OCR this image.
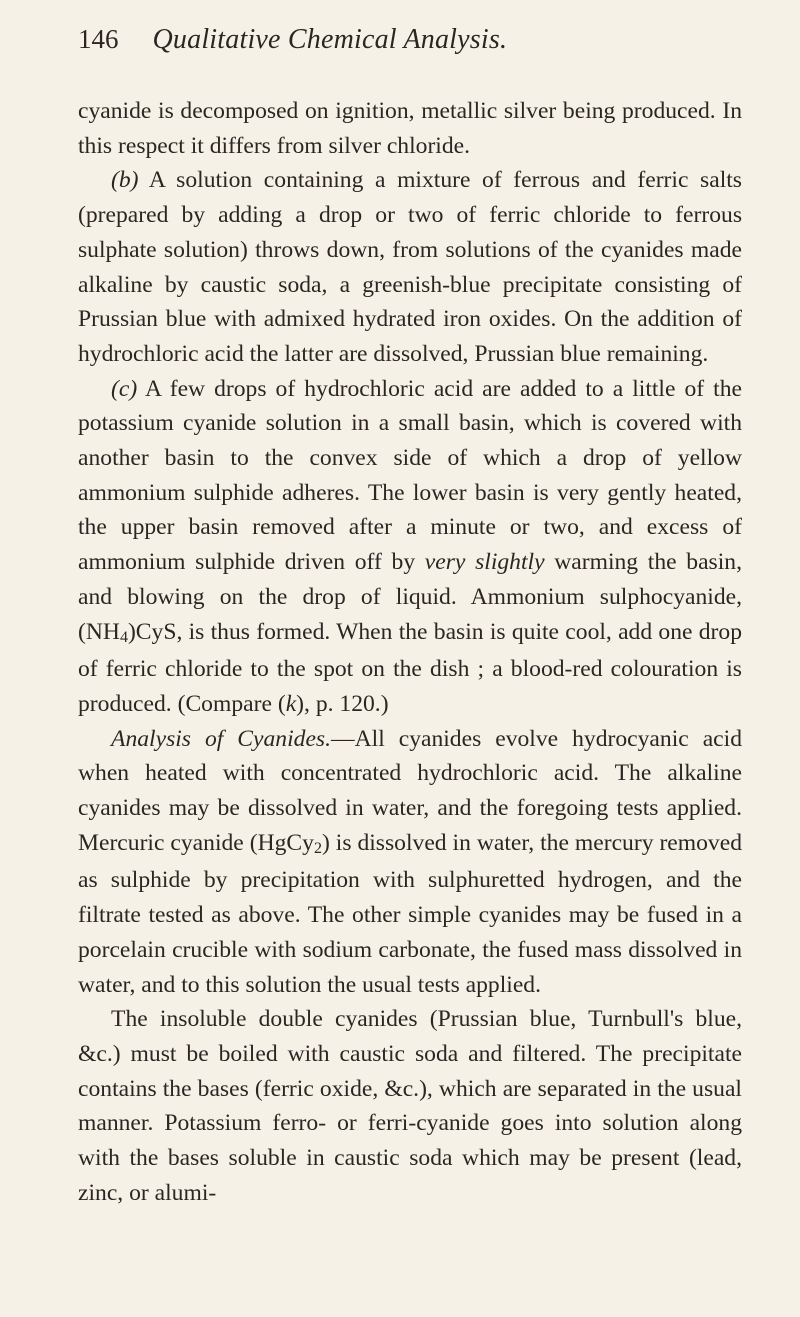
146 Qualitative Chemical Analysis.

cyanide is decomposed on ignition, metallic silver being produced. In this respect it differs from silver chloride.

(b) A solution containing a mixture of ferrous and ferric salts (prepared by adding a drop or two of ferric chloride to ferrous sulphate solution) throws down, from solutions of the cyanides made alkaline by caustic soda, a greenish-blue precipitate consisting of Prussian blue with admixed hydrated iron oxides. On the addition of hydrochloric acid the latter are dissolved, Prussian blue remaining.

(c) A few drops of hydrochloric acid are added to a little of the potassium cyanide solution in a small basin, which is covered with another basin to the convex side of which a drop of yellow ammonium sulphide adheres. The lower basin is very gently heated, the upper basin removed after a minute or two, and excess of ammonium sulphide driven off by very slightly warming the basin, and blowing on the drop of liquid. Ammonium sulphocyanide, (NH4)CyS, is thus formed. When the basin is quite cool, add one drop of ferric chloride to the spot on the dish ; a blood-red colouration is produced. (Compare (k), p. 120.)

Analysis of Cyanides.—All cyanides evolve hydrocyanic acid when heated with concentrated hydrochloric acid. The alkaline cyanides may be dissolved in water, and the foregoing tests applied. Mercuric cyanide (HgCy2) is dissolved in water, the mercury removed as sulphide by precipitation with sulphuretted hydrogen, and the filtrate tested as above. The other simple cyanides may be fused in a porcelain crucible with sodium carbonate, the fused mass dissolved in water, and to this solution the usual tests applied.

The insoluble double cyanides (Prussian blue, Turnbull's blue, &c.) must be boiled with caustic soda and filtered. The precipitate contains the bases (ferric oxide, &c.), which are separated in the usual manner. Potassium ferro- or ferri-cyanide goes into solution along with the bases soluble in caustic soda which may be present (lead, zinc, or alumi-
